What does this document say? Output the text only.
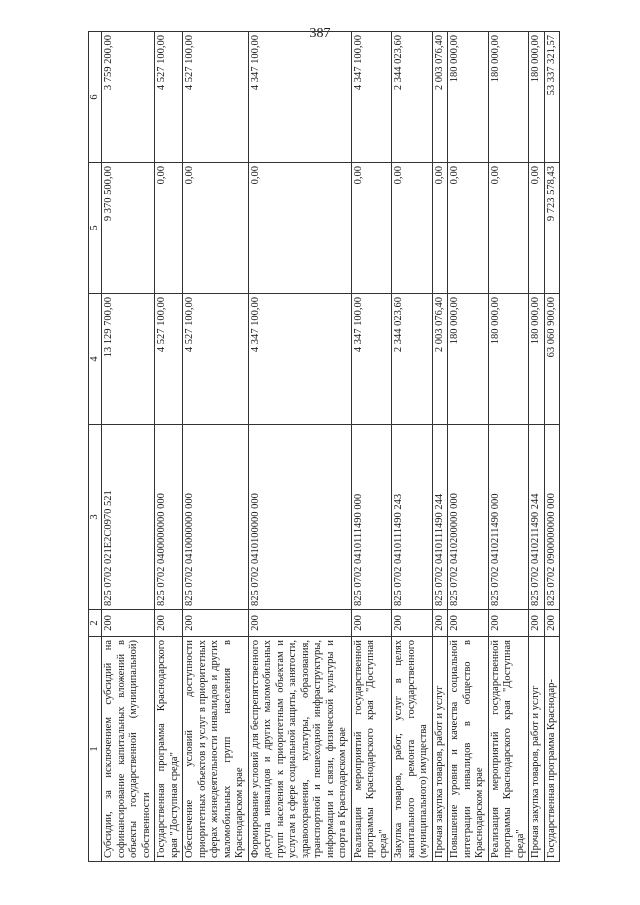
387
1	2	3	4	5	6
Субсидии, за исключением субсидий на софинансирование капитальных вложений в объекты государственной (муниципальной) собственности	200	825 0702 021E2C0970 521	13 129 700,00	9 370 500,00	3 759 200,00
Государственная программа Краснодарского края "Доступная среда"	200	825 0702 0400000000 000	4 527 100,00	0,00	4 527 100,00
Обеспечение условий доступности приоритетных объектов и услуг в приоритетных сферах жизнедеятельности инвалидов и других маломобильных групп населения в Краснодарском крае	200	825 0702 0410000000 000	4 527 100,00	0,00	4 527 100,00
Формирование условий для беспрепятственного доступа инвалидов и других маломобильных групп населения к приоритетным объектам и услугам в сфере социальной защиты, занятости, здравоохранения, культуры, образования, транспортной и пешеходной инфраструктуры, информации и связи, физической культуры и спорта в Краснодарском крае	200	825 0702 0410100000 000	4 347 100,00	0,00	4 347 100,00
Реализация мероприятий государственной программы Краснодарского края "Доступная среда"	200	825 0702 0410111490 000	4 347 100,00	0,00	4 347 100,00
Закупка товаров, работ, услуг в целях капитального ремонта государственного (муниципального) имущества	200	825 0702 0410111490 243	2 344 023,60	0,00	2 344 023,60
Прочая закупка товаров, работ и услуг	200	825 0702 0410111490 244	2 003 076,40	0,00	2 003 076,40
Повышение уровня и качества социальной интеграции инвалидов в общество в Краснодарском крае	200	825 0702 0410200000 000	180 000,00	0,00	180 000,00
Реализация мероприятий государственной программы Краснодарского края "Доступная среда"	200	825 0702 0410211490 000	180 000,00	0,00	180 000,00
Прочая закупка товаров, работ и услуг	200	825 0702 0410211490 244	180 000,00	0,00	180 000,00
Государственная программа Краснодар-	200	825 0702 0900000000 000	63 060 900,00	9 723 578,43	53 337 321,57
